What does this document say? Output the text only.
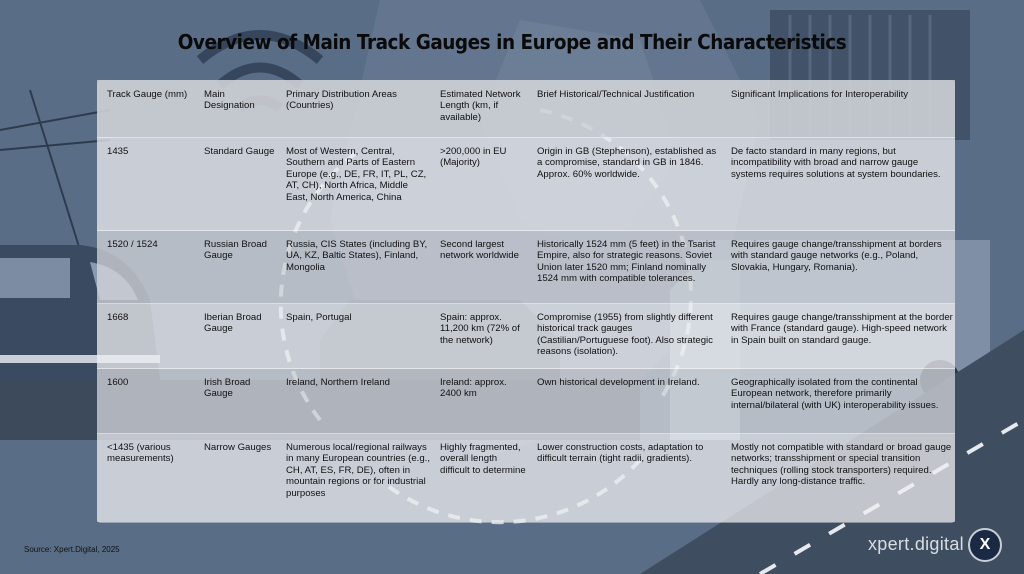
Overview of Main Track Gauges in Europe and Their Characteristics
Track Gauge (mm)	Main Designation	Primary Distribution Areas (Countries)	Estimated Network Length (km, if available)	Brief Historical/Technical Justification	Significant Implications for Interoperability
1435	Standard Gauge	Most of Western, Central, Southern and Parts of Eastern Europe (e.g., DE, FR, IT, PL, CZ, AT, CH), North Africa, Middle East, North America, China	>200,000 in EU (Majority)	Origin in GB (Stephenson), established as a compromise, standard in GB in 1846. Approx. 60% worldwide.	De facto standard in many regions, but incompatibility with broad and narrow gauge systems requires solutions at system boundaries.
1520 / 1524	Russian Broad Gauge	Russia, CIS States (including BY, UA, KZ, Baltic States), Finland, Mongolia	Second largest network worldwide	Historically 1524 mm (5 feet) in the Tsarist Empire, also for strategic reasons. Soviet Union later 1520 mm; Finland nominally 1524 mm with compatible tolerances.	Requires gauge change/transshipment at borders with standard gauge networks (e.g., Poland, Slovakia, Hungary, Romania).
1668	Iberian Broad Gauge	Spain, Portugal	Spain: approx. 11,200 km (72% of the network)	Compromise (1955) from slightly different historical track gauges (Castilian/Portuguese foot). Also strategic reasons (isolation).	Requires gauge change/transshipment at the border with France (standard gauge). High-speed network in Spain built on standard gauge.
1600	Irish Broad Gauge	Ireland, Northern Ireland	Ireland: approx. 2400 km	Own historical development in Ireland.	Geographically isolated from the continental European network, therefore primarily internal/bilateral (with UK) interoperability issues.
<1435 (various measurements)	Narrow Gauges	Numerous local/regional railways in many European countries (e.g., CH, AT, ES, FR, DE), often in mountain regions or for industrial purposes	Highly fragmented, overall length difficult to determine	Lower construction costs, adaptation to difficult terrain (tight radii, gradients).	Mostly not compatible with standard or broad gauge networks; transshipment or special transition techniques (rolling stock transporters) required. Hardly any long-distance traffic.
Source: Xpert.Digital, 2025	xpert.digital X
